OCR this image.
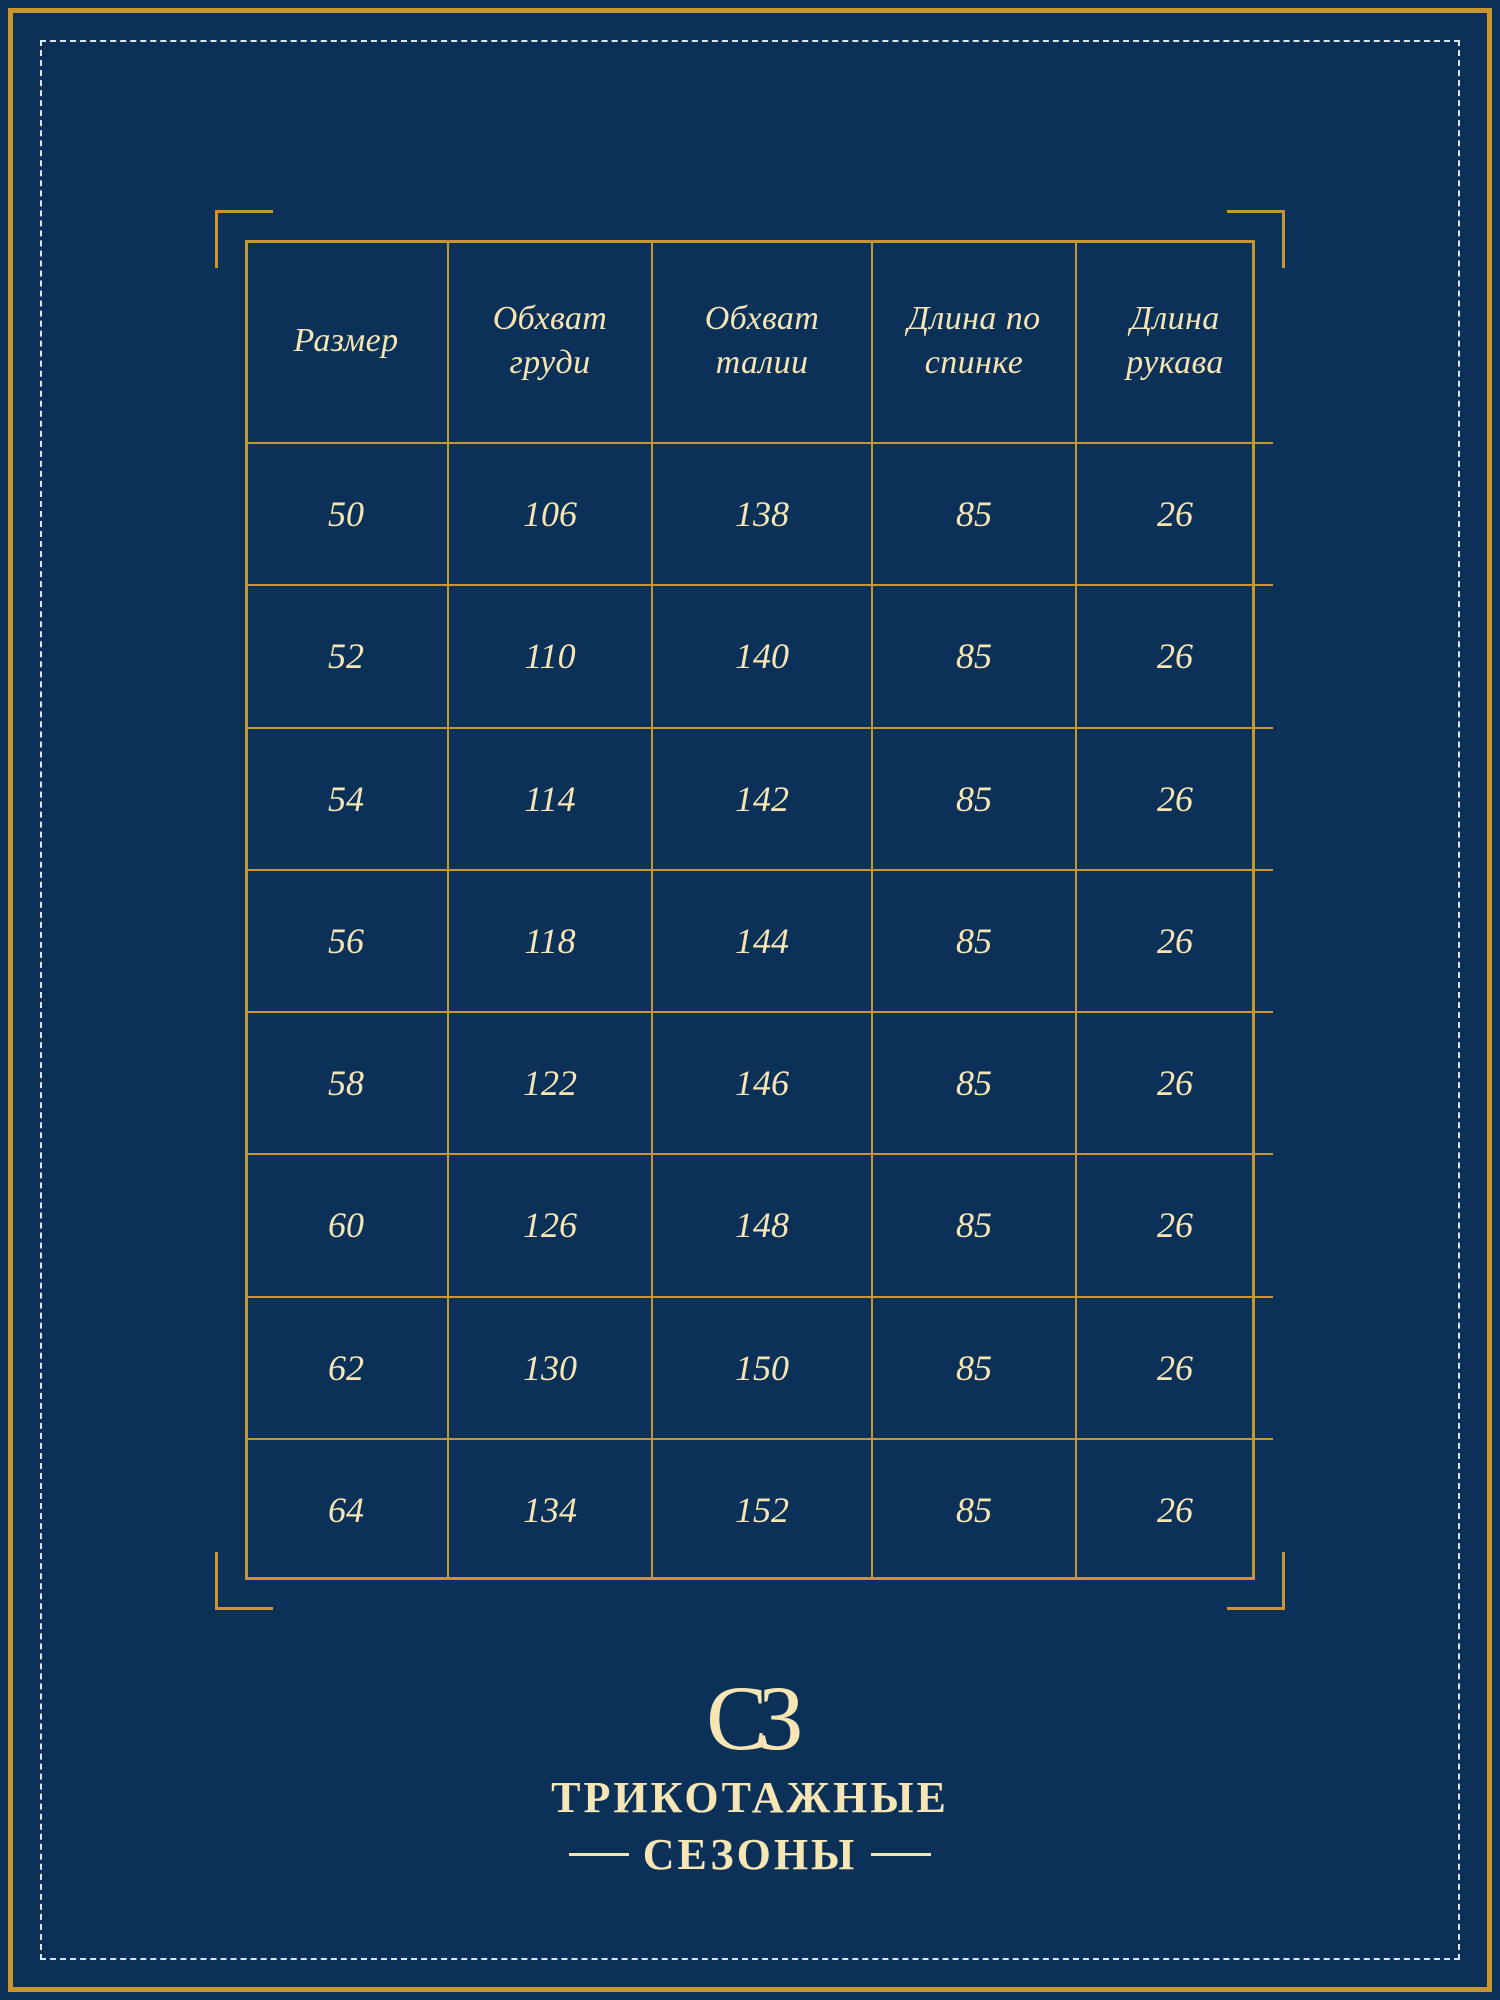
Размер	Обхват груди	Обхват талии	Длина по спинке	Длина рукава
50	106	138	85	26
52	110	140	85	26
54	114	142	85	26
56	118	144	85	26
58	122	146	85	26
60	126	148	85	26
62	130	150	85	26
64	134	152	85	26
СЗ
ТРИКОТАЖНЫЕ
СЕЗОНЫ
